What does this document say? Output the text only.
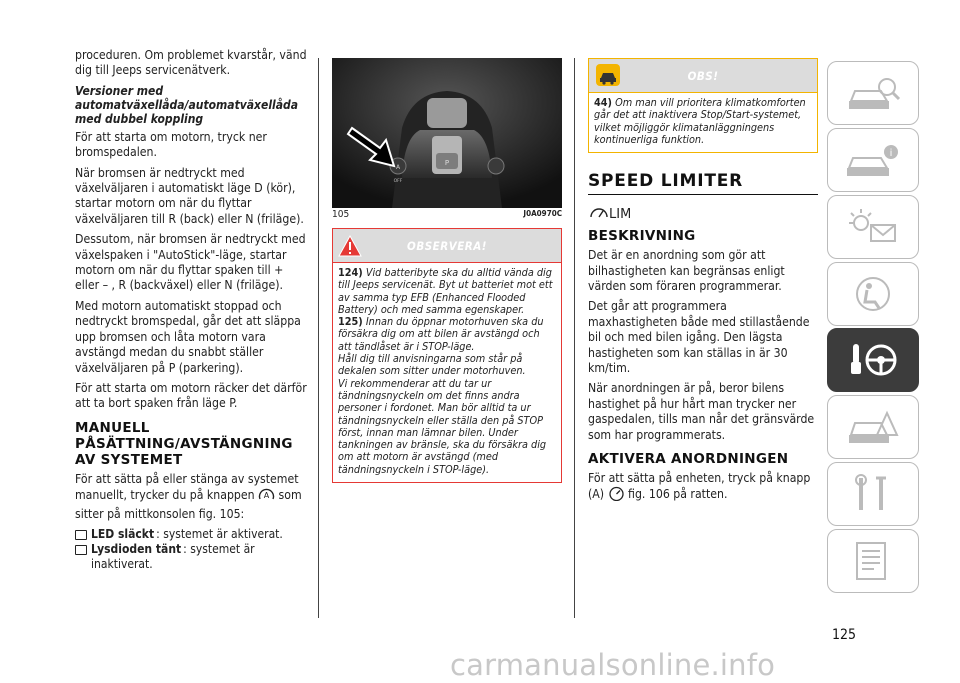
proceduren. Om problemet kvarstår, vänd dig till Jeeps servicenätverk.

Versioner med automatväxellåda/automatväxellåda med dubbel koppling

För att starta om motorn, tryck ner bromspedalen.

När bromsen är nedtryckt med växelväljaren i automatiskt läge D (kör), startar motorn om när du flyttar växelväljaren till R (back) eller N (friläge).

Dessutom, när bromsen är nedtryckt med växelspaken i "AutoStick"-läge, startar motorn om när du flyttar spaken till + eller – , R (backväxel) eller N (friläge).

Med motorn automatiskt stoppad och nedtryckt bromspedal, går det att släppa upp bromsen och låta motorn vara avstängd medan du snabbt ställer växelväljaren på P (parkering).

För att starta om motorn räcker det därför att ta bort spaken från läge P.

MANUELL PÅSÄTTNING/AVSTÄNGNING AV SYSTEMET

För att sätta på eller stänga av systemet manuellt, trycker du på knappen A som sitter på mittkonsolen fig. 105:

LED släckt : systemet är aktiverat.
Lysdioden tänt : systemet är inaktiverat.
P
A
OFF
105	J0A0970C
OBSERVERA!

124) Vid batteribyte ska du alltid vända dig till Jeeps servicenät. Byt ut batteriet mot ett av samma typ EFB (Enhanced Flooded Battery) och med samma egenskaper.

125) Innan du öppnar motorhuven ska du försäkra dig om att bilen är avstängd och att tändlåset är i STOP-läge.

Håll dig till anvisningarna som står på dekalen som sitter under motorhuven.

Vi rekommenderar att du tar ur tändningsnyckeln om det finns andra personer i fordonet. Man bör alltid ta ur tändningsnyckeln eller ställa den på STOP först, innan man lämnar bilen. Under tankningen av bränsle, ska du försäkra dig om att motorn är avstängd (med tändningsnyckeln i STOP-läge).

OBS!

44) Om man vill prioritera klimatkomforten går det att inaktivera Stop/Start-systemet, vilket möjliggör klimatanläggningens kontinuerliga funktion.

SPEED LIMITER
LIM
BESKRIVNING

Det är en anordning som gör att bilhastigheten kan begränsas enligt värden som föraren programmerar.

Det går att programmera maxhastigheten både med stillastående bil och med bilen igång. Den lägsta hastigheten som kan ställas in är 30 km/tim.

När anordningen är på, beror bilens hastighet på hur hårt man trycker ner gaspedalen, tills man når det gränsvärde som har programmerats.

AKTIVERA ANORDNINGEN

För att sätta på enheten, tryck på knapp (A) fig. 106 på ratten.

i
125
carmanualsonline.info
